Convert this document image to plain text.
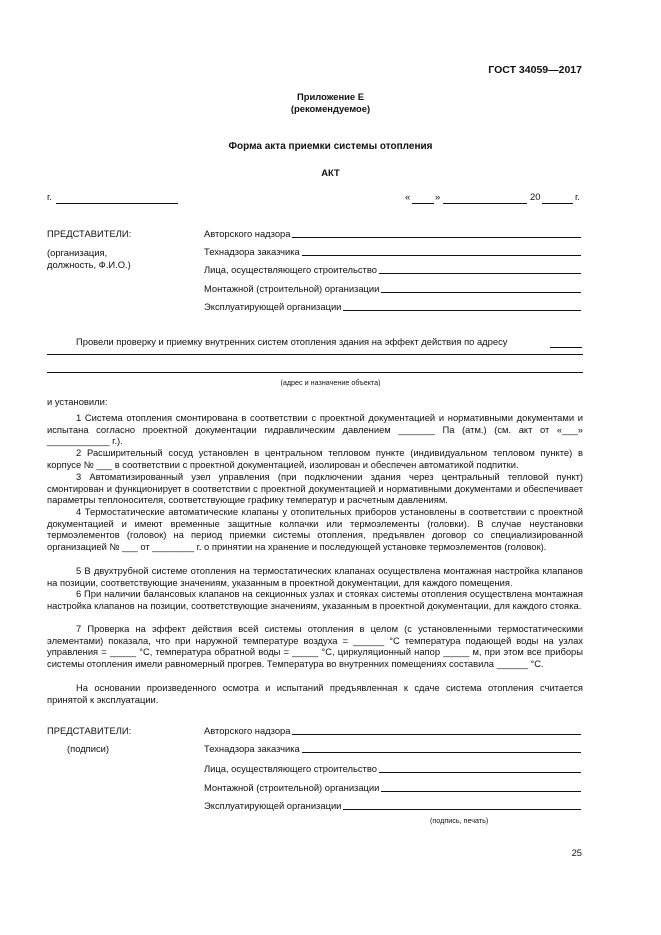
ГОСТ 34059—2017
Приложение Е
(рекомендуемое)
Форма акта приемки системы отопления
АКТ
г.	«	»	20	г.
ПРЕДСТАВИТЕЛИ:
(организация,
должность, Ф.И.О.)
Авторского надзора
Технадзора заказчика
Лица, осуществляющего строительство
Монтажной (строительной) организации
Эксплуатирующей организации
Провели проверку и приемку внутренних систем отопления здания на эффект действия по адресу
(адрес и назначение объекта)
и установили:
1 Система отопления смонтирована в соответствии с проектной документацией и нормативными документами и испытана согласно проектной документации гидравлическим давлением _______ Па (атм.) (см. акт от «___» ____________ г.).
2 Расширительный сосуд установлен в центральном тепловом пункте (индивидуальном тепловом пункте) в корпусе № ___ в соответствии с проектной документацией, изолирован и обеспечен автоматикой подпитки.
3 Автоматизированный узел управления (при подключении здания через центральный тепловой пункт) смонтирован и функционирует в соответствии с проектной документацией и нормативными документами и обеспечивает параметры теплоносителя, соответствующие графику температур и расчетным давлениям.
4 Термостатические автоматические клапаны у отопительных приборов установлены в соответствии с проектной документацией и имеют временные защитные колпачки или термоэлементы (головки). В случае неустановки термоэлементов (головок) на период приемки системы отопления, предъявлен договор со специализированной организацией № ___ от ________ г. о принятии на хранение и последующей установке термоэлементов (головок).
5 В двухтрубной системе отопления на термостатических клапанах осуществлена монтажная настройка клапанов на позиции, соответствующие значениям, указанным в проектной документации, для каждого помещения.
6 При наличии балансовых клапанов на секционных узлах и стояках системы отопления осуществлена монтажная настройка клапанов на позиции, соответствующие значениям, указанным в проектной документации, для каждого стояка.
7 Проверка на эффект действия всей системы отопления в целом (с установленными термостатическими элементами) показала, что при наружной температуре воздуха = ______ °С температура подающей воды на узлах управления = _____ °С, температура обратной воды = _____ °С, циркуляционный напор _____ м, при этом все приборы системы отопления имели равномерный прогрев. Температура во внутренних помещениях составила ______ °С.
На основании произведенного осмотра и испытаний предъявленная к сдаче система отопления считается принятой к эксплуатации.
ПРЕДСТАВИТЕЛИ:
(подписи)
Авторского надзора
Технадзора заказчика
Лица, осуществляющего строительство
Монтажной (строительной) организации
Эксплуатирующей организации
(подпись, печать)
25
